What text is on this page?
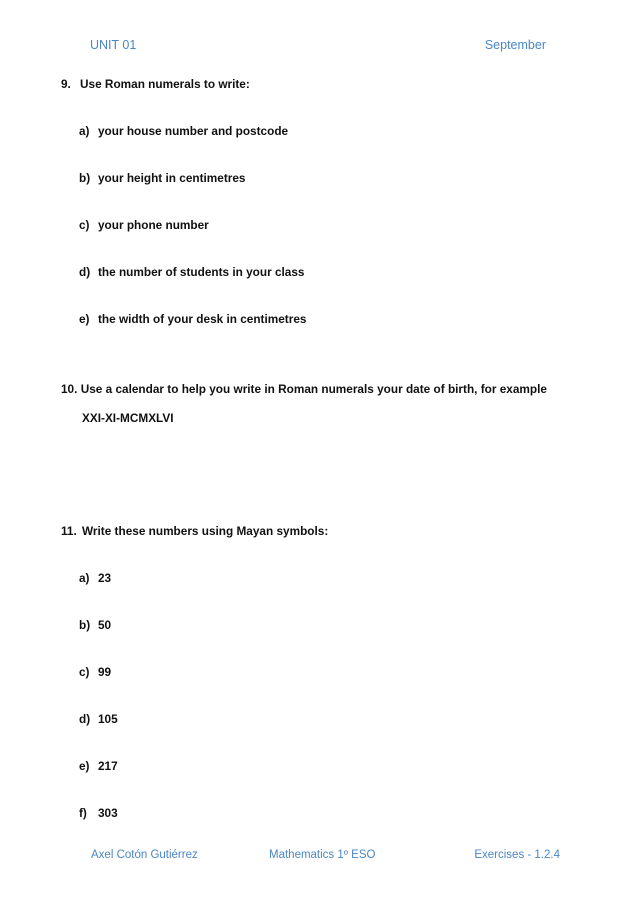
UNIT 01	September
9. Use Roman numerals to write:
a) your house number and postcode
b) your height in centimetres
c) your phone number
d) the number of students in your class
e) the width of your desk in centimetres
10. Use a calendar to help you write in Roman numerals your date of birth, for example
XXI-XI-MCMXLVI
11. Write these numbers using Mayan symbols:
a) 23
b) 50
c) 99
d) 105
e) 217
f) 303
Axel Cotón Gutiérrez	Mathematics 1º ESO	Exercises - 1.2.4
